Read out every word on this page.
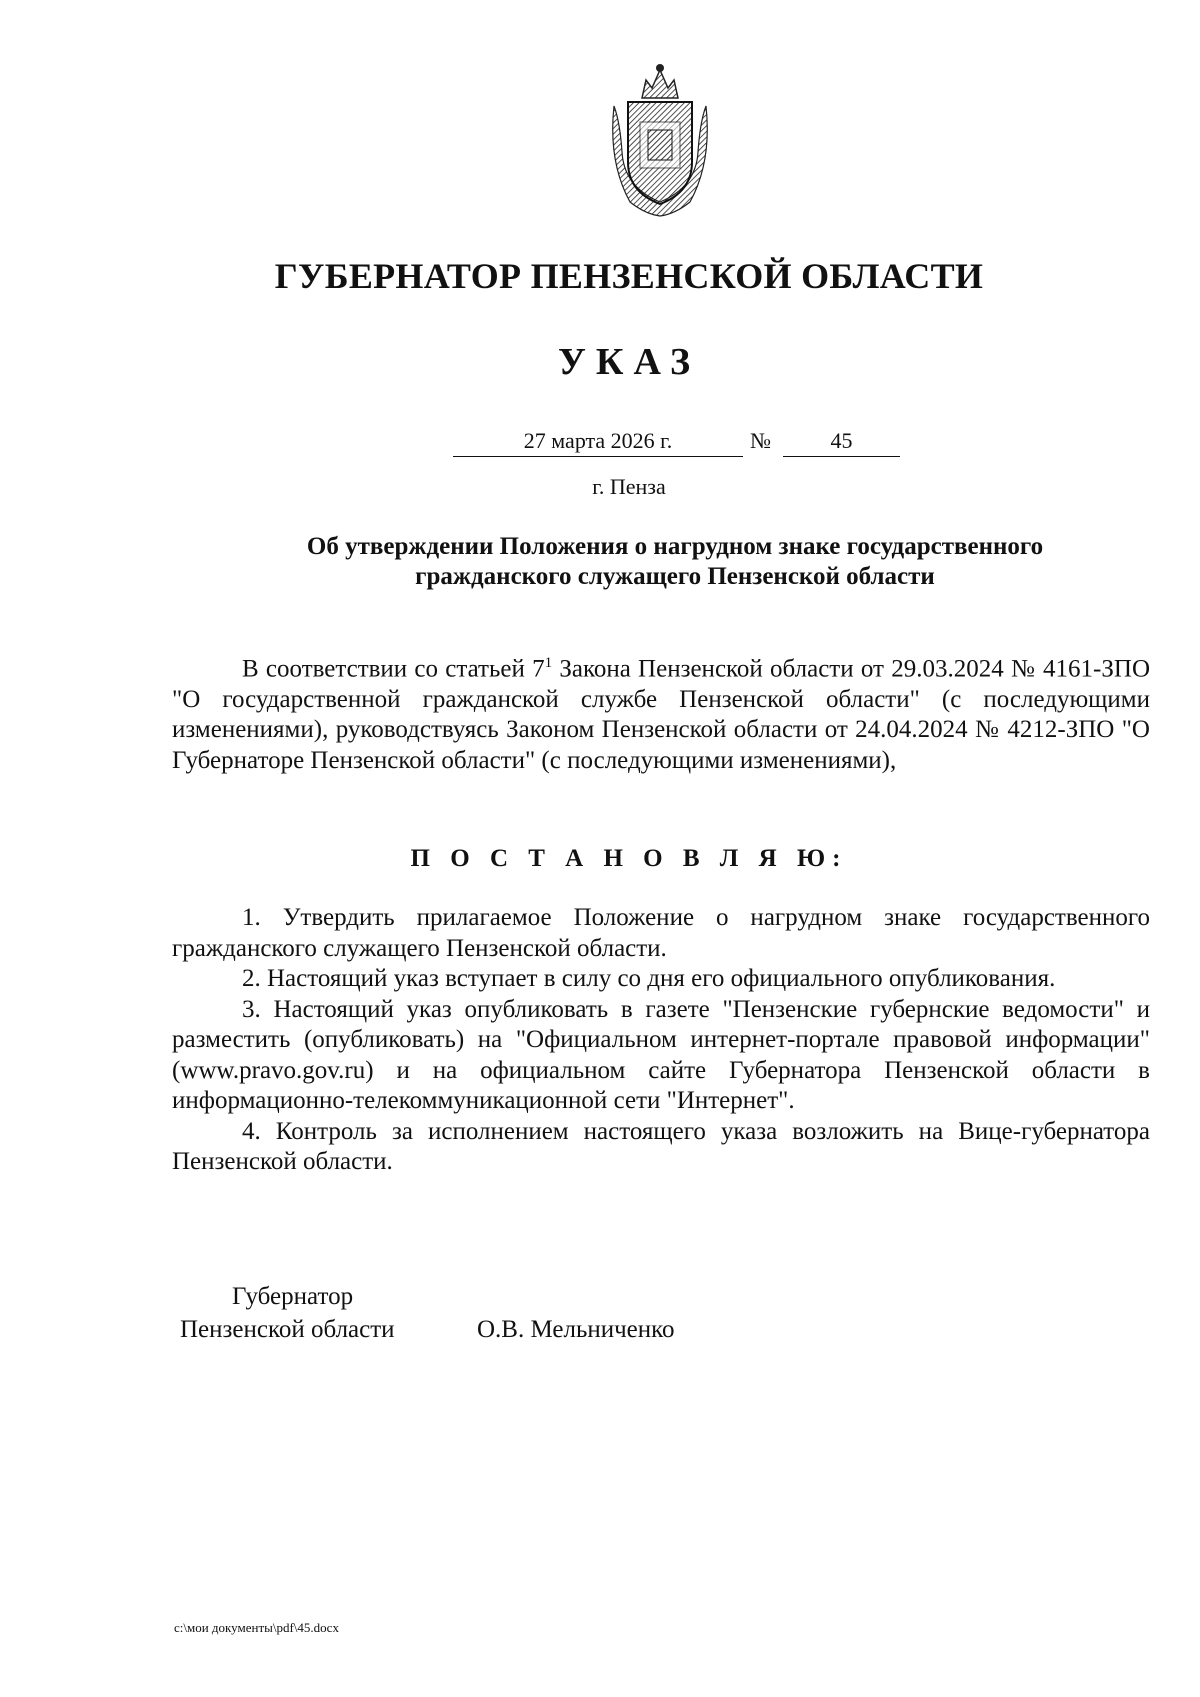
ГУБЕРНАТОР ПЕНЗЕНСКОЙ ОБЛАСТИ
УКАЗ
27 марта 2026 г.	№	45
г. Пенза
Об утверждении Положения о нагрудном знаке государственного
гражданского служащего Пензенской области
В соответствии со статьей $7^1$ Закона Пензенской области от 29.03.2024 № 4161-ЗПО "О государственной гражданской службе Пензенской области" (с последующими изменениями), руководствуясь Законом Пензенской области от 24.04.2024 № 4212-ЗПО "О Губернаторе Пензенской области" (с последующими изменениями),
П О С Т А Н О В Л Я Ю:

1. Утвердить прилагаемое Положение о нагрудном знаке государственного гражданского служащего Пензенской области.

2. Настоящий указ вступает в силу со дня его официального опубликования.

3. Настоящий указ опубликовать в газете "Пензенские губернские ведомости" и разместить (опубликовать) на "Официальном интернет-портале правовой информации" (www.pravo.gov.ru) и на официальном сайте Губернатора Пензенской области в информационно-телекоммуникационной сети "Интернет".

4. Контроль за исполнением настоящего указа возложить на Вице-губернатора Пензенской области.

Губернатор
Пензенской области	О.В. Мельниченко
c:\мои документы\pdf\45.docx
